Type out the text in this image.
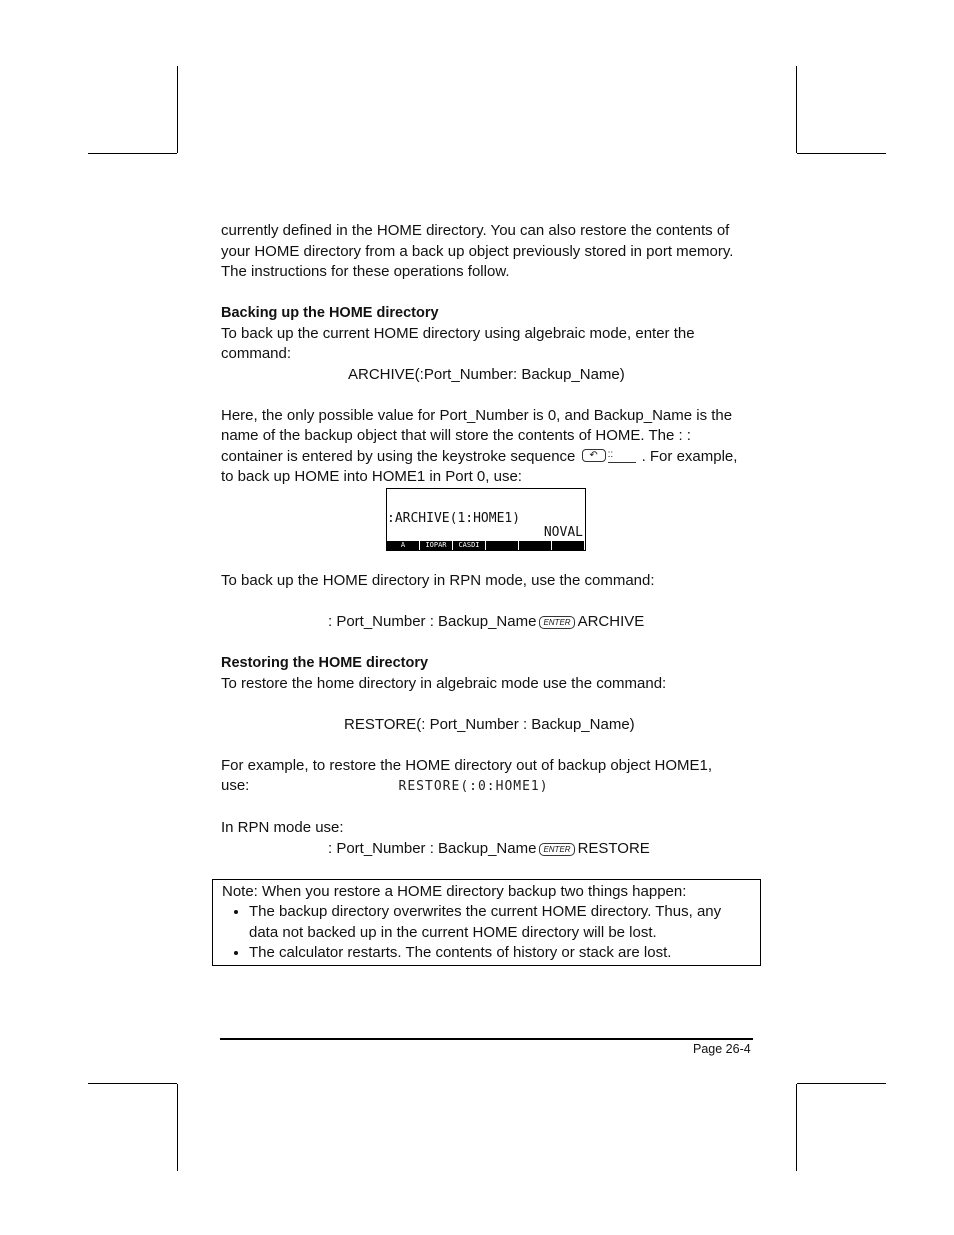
currently defined in the HOME directory. You can also restore the contents of

your HOME directory from a back up object previously stored in port memory.

The instructions for these operations follow.

Backing up the HOME directory

To back up the current HOME directory using algebraic mode, enter the

command:

ARCHIVE(:Port_Number: Backup_Name)

Here, the only possible value for Port_Number is 0, and Backup_Name is the

name of the backup object that will store the contents of HOME. The : :

container is entered by using the keystroke sequence	↶ :: . For example,

to back up HOME into HOME1 in Port 0, use:

:ARCHIVE(1:HOME1)
NOVAL
A	IOPAR	CASDI

To back up the HOME directory in RPN mode, use the command:

: Port_Number : Backup_Name ENTER ARCHIVE

Restoring the HOME directory

To restore the home directory in algebraic mode use the command:

RESTORE(: Port_Number : Backup_Name)

For example, to restore the HOME directory out of backup object HOME1,

use:	RESTORE(:0:HOME1)

In RPN mode use:

: Port_Number : Backup_Name ENTER RESTORE

Note: When you restore a HOME directory backup two things happen:
• The backup directory overwrites the current HOME directory. Thus, any data not backed up in the current HOME directory will be lost.
• The calculator restarts. The contents of history or stack are lost.
Page 26-4
